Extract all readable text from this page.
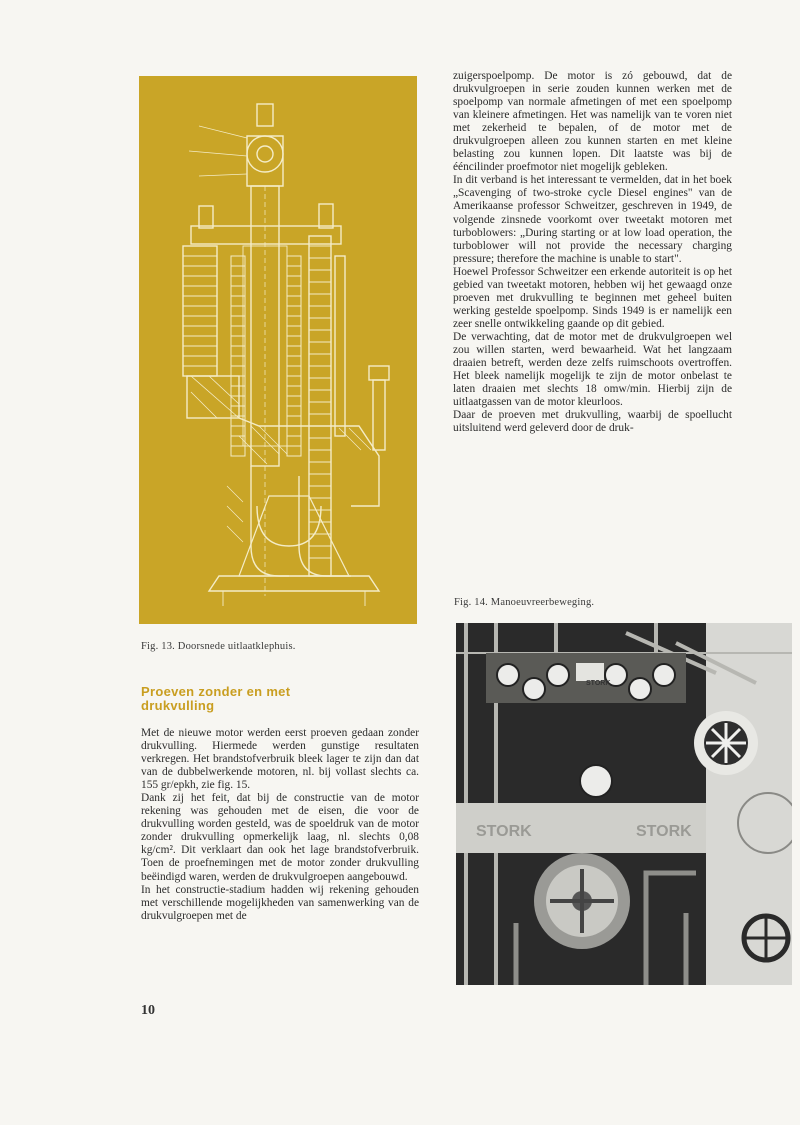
Fig. 13. Doorsnede uitlaatklephuis.
Proeven zonder en met
drukvulling

Met de nieuwe motor werden eerst proeven gedaan zonder drukvulling. Hiermede werden gunstige resultaten verkregen. Het brandstofverbruik bleek lager te zijn dan dat van de dubbelwerkende motoren, nl. bij vollast slechts ca. 155 gr/epkh, zie fig. 15.

Dank zij het feit, dat bij de constructie van de motor rekening was gehouden met de eisen, die voor de drukvulling worden gesteld, was de spoeldruk van de motor zonder drukvulling opmerkelijk laag, nl. slechts 0,08 kg/cm². Dit verklaart dan ook het lage brandstofverbruik. Toen de proefnemingen met de motor zonder drukvulling beëindigd waren, werden de drukvulgroepen aangebouwd.

In het constructie-stadium hadden wij rekening gehouden met verschillende mogelijkheden van samenwerking van de drukvulgroepen met de

zuigerspoelpomp. De motor is zó gebouwd, dat de drukvulgroepen in serie zouden kunnen werken met de spoelpomp van normale afmetingen of met een spoelpomp van kleinere afmetingen. Het was namelijk van te voren niet met zekerheid te bepalen, of de motor met de drukvulgroepen alleen zou kunnen starten en met kleine belasting zou kunnen lopen. Dit laatste was bij de ééncilinder proefmotor niet mogelijk gebleken.

In dit verband is het interessant te vermelden, dat in het boek „Scavenging of two-stroke cycle Diesel engines" van de Amerikaanse professor Schweitzer, geschreven in 1949, de volgende zinsnede voorkomt over tweetakt motoren met turboblowers: „During starting or at low load operation, the turboblower will not provide the necessary charging pressure; therefore the machine is unable to start".

Hoewel Professor Schweitzer een erkende autoriteit is op het gebied van tweetakt motoren, hebben wij het gewaagd onze proeven met drukvulling te beginnen met geheel buiten werking gestelde spoelpomp. Sinds 1949 is er namelijk een zeer snelle ontwikkeling gaande op dit gebied.

De verwachting, dat de motor met de drukvulgroepen wel zou willen starten, werd bewaarheid. Wat het langzaam draaien betreft, werden deze zelfs ruimschoots overtroffen. Het bleek namelijk mogelijk te zijn de motor onbelast te laten draaien met slechts 18 omw/min. Hierbij zijn de uitlaatgassen van de motor kleurloos.

Daar de proeven met drukvulling, waarbij de spoellucht uitsluitend werd geleverd door de druk-

Fig. 14. Manoeuvreerbeweging.
STORK	STORK
STORK
10
